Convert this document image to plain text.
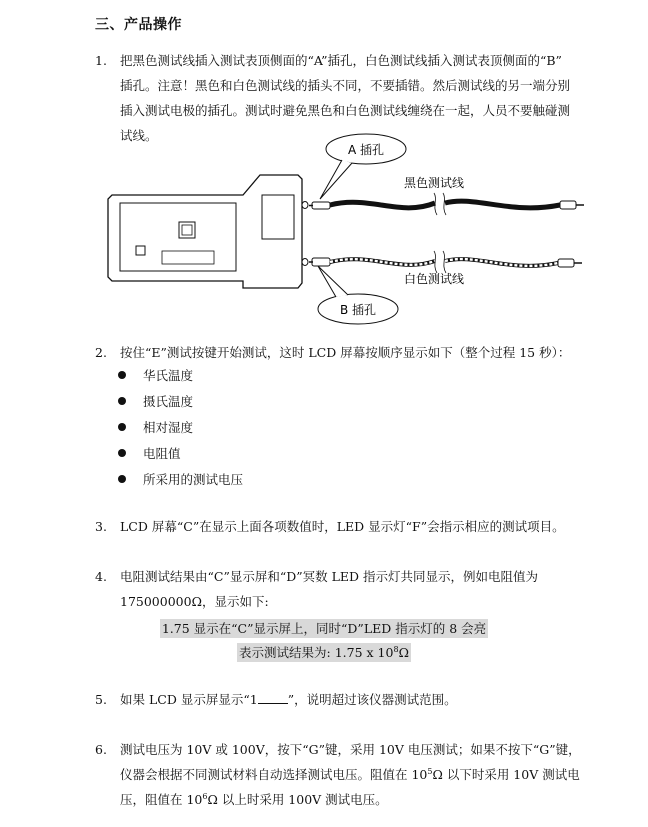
三、产品操作
1.	把黑色测试线插入测试表顶侧面的“A”插孔，白色测试线插入测试表顶侧面的“B”
插孔。注意！黑色和白色测试线的插头不同，不要插错。然后测试线的另一端分别
插入测试电极的插孔。测试时避免黑色和白色测试线缠绕在一起，人员不要触碰测
试线。
A 插孔
B 插孔
黑色测试线
白色测试线
2.	按住“E”测试按键开始测试，这时 LCD 屏幕按顺序显示如下（整个过程 15 秒）：
华氏温度
摄氏温度
相对湿度
电阻值
所采用的测试电压
3.	LCD 屏幕“C”在显示上面各项数值时，LED 显示灯“F”会指示相应的测试项目。
4.	电阻测试结果由“C”显示屏和“D”冥数 LED 指示灯共同显示，例如电阻值为
175000000Ω，显示如下:
1.75 显示在“C”显示屏上，同时“D”LED 指示灯的 8 会亮
表示测试结果为: 1.75 x $10^8\Omega$
5.	如果 LCD 显示屏显示“1 ”，说明超过该仪器测试范围。
6.	测试电压为 10V 或 100V，按下“G”键，采用 10V 电压测试；如果不按下“G”键，
仪器会根据不同测试材料自动选择测试电压。阻值在 $10^5\Omega$ 以下时采用 10V 测试电
压，阻值在 $10^6\Omega$ 以上时采用 100V 测试电压。
